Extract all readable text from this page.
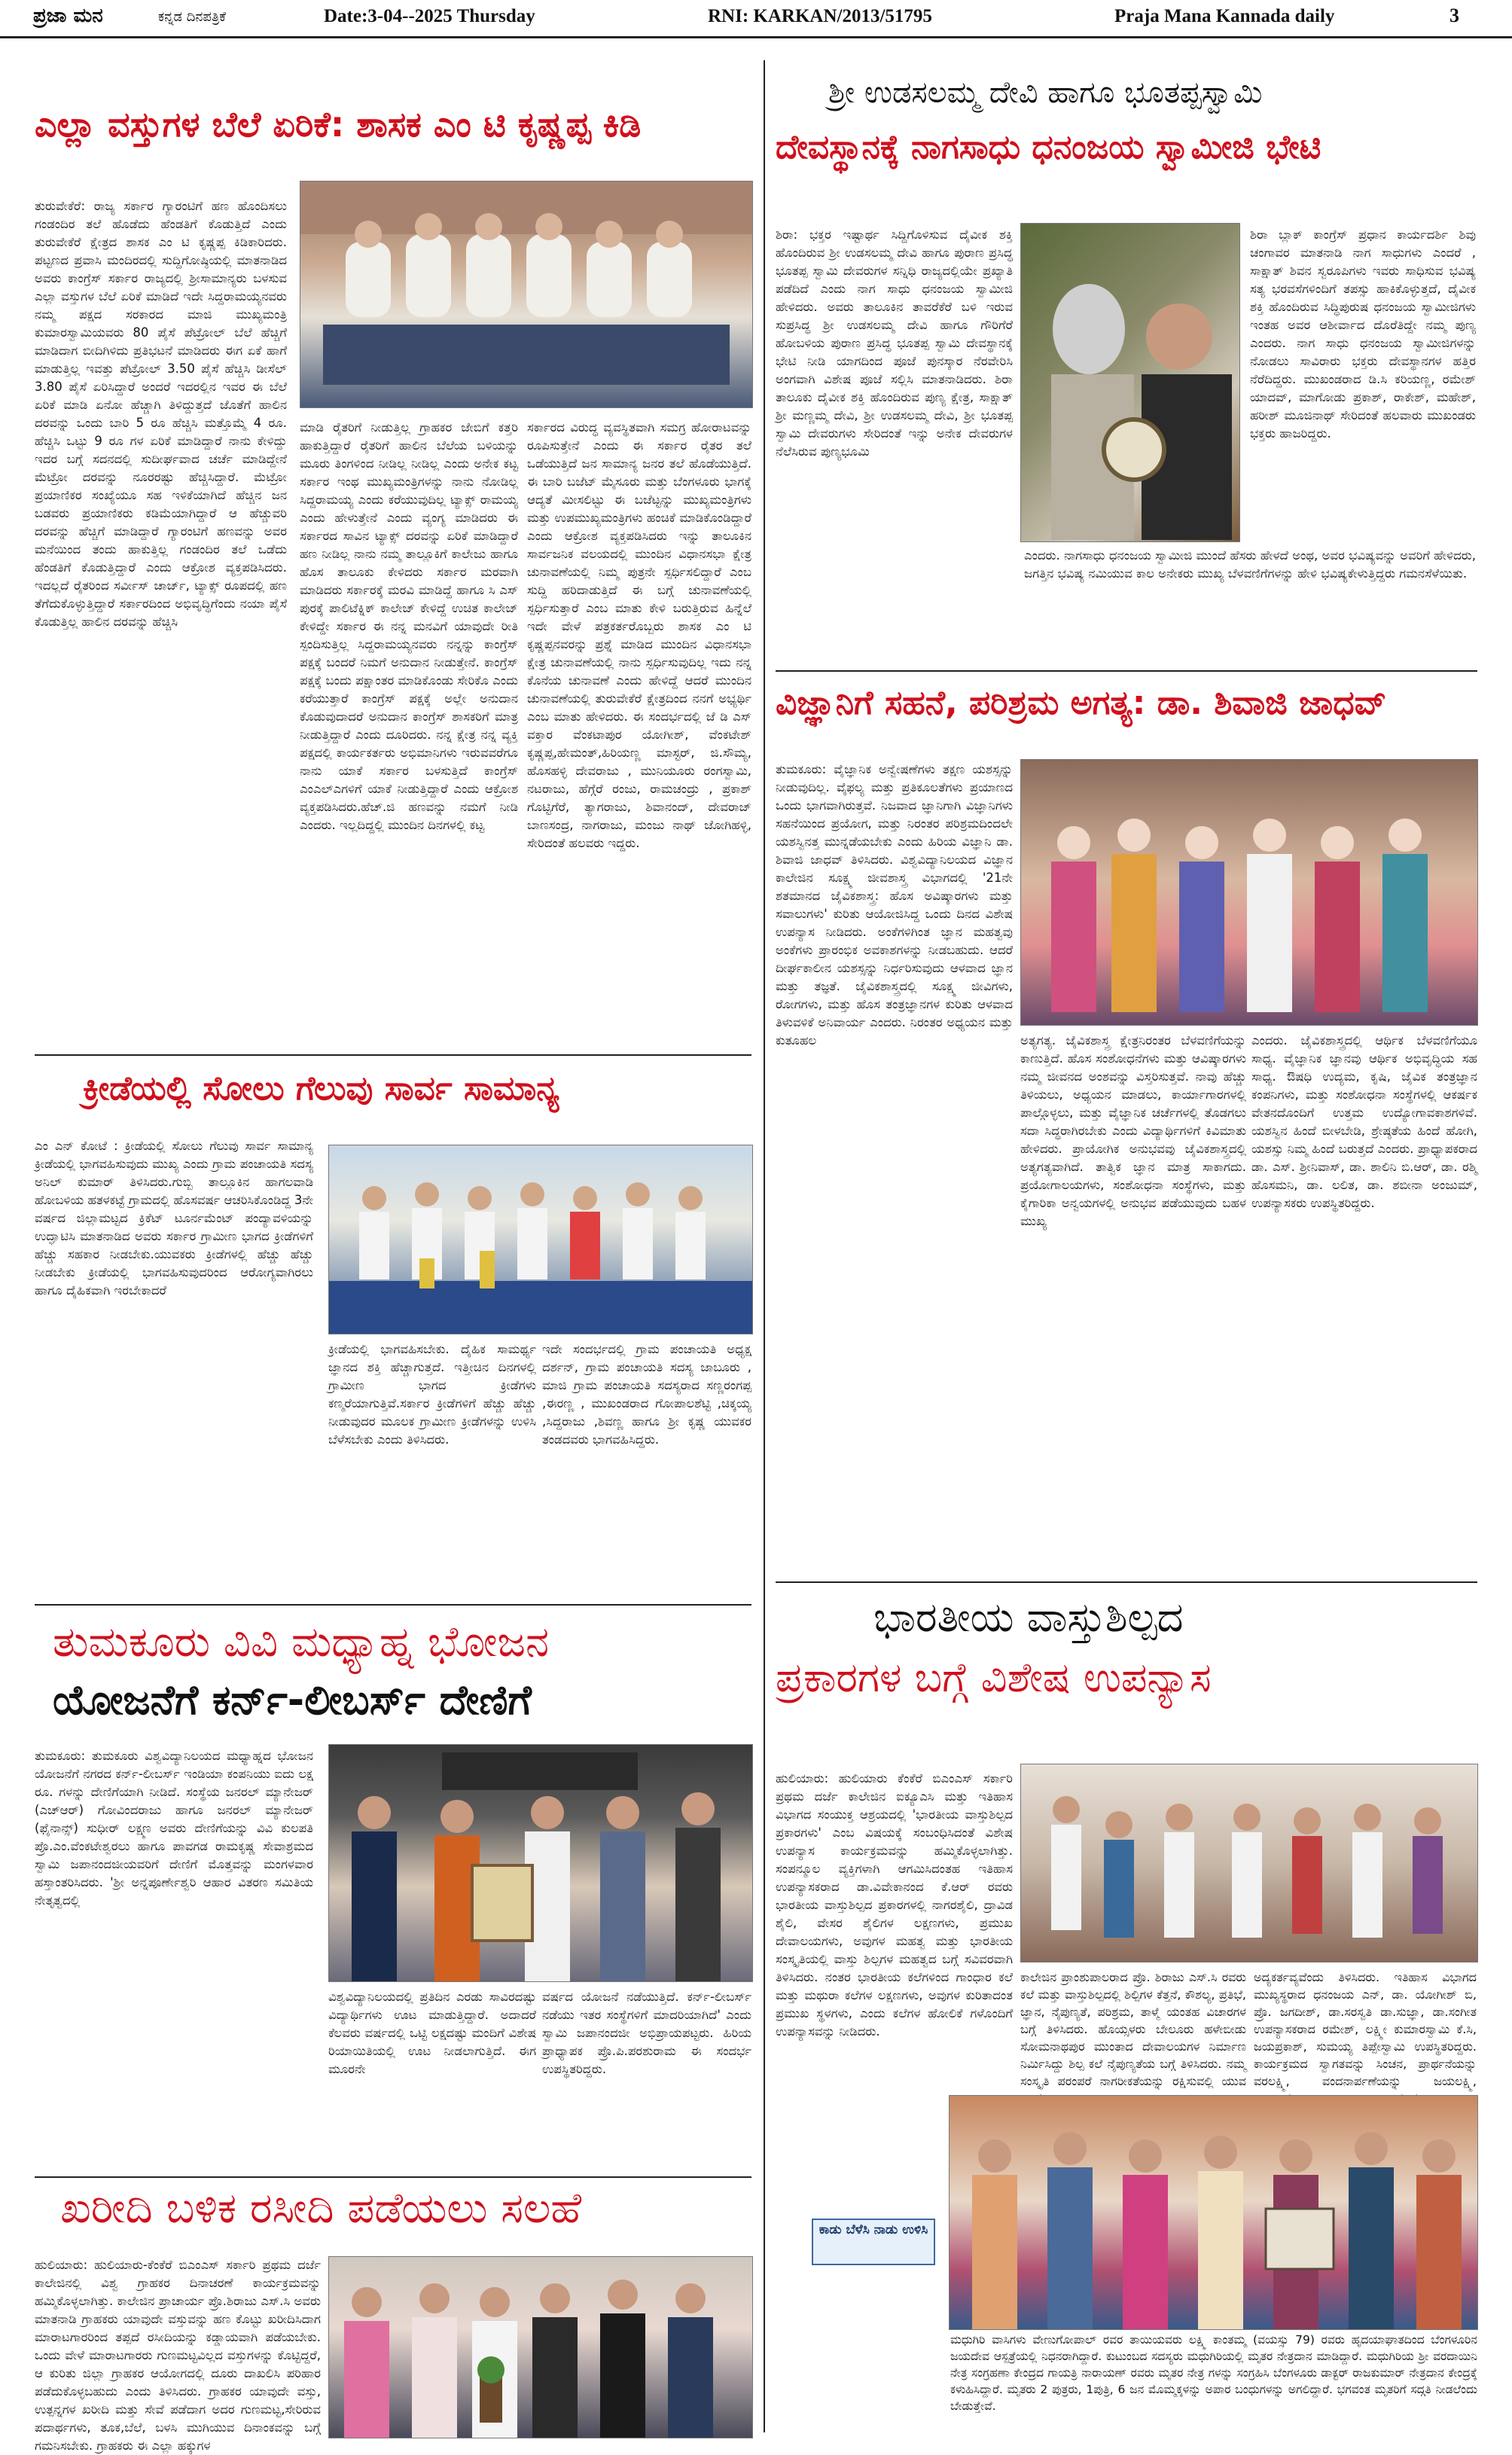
ಪ್ರಜಾ ಮನ	ಕನ್ನಡ ದಿನಪತ್ರಿಕೆ	Date:3-04--2025 Thursday	RNI: KARKAN/2013/51795	Praja Mana Kannada daily	3
ಎಲ್ಲಾ ವಸ್ತುಗಳ ಬೆಲೆ ಏರಿಕೆ: ಶಾಸಕ ಎಂ ಟಿ ಕೃಷ್ಣಪ್ಪ ಕಿಡಿ
ತುರುವೇಕೆರೆ: ರಾಜ್ಯ ಸರ್ಕಾರ ಗ್ಯಾರಂಟಿಗೆ ಹಣ ಹೊಂದಿಸಲು ಗಂಡಂದಿರ ತಲೆ ಹೊಡೆದು ಹೆಂಡತಿಗೆ ಕೊಡುತ್ತಿದೆ ಎಂದು ತುರುವೇಕೆರೆ ಕ್ಷೇತ್ರದ ಶಾಸಕ ಎಂ ಟಿ ಕೃಷ್ಣಪ್ಪ ಕಿಡಿಕಾರಿದರು. ಪಟ್ಟಣದ ಪ್ರವಾಸಿ ಮಂದಿರದಲ್ಲಿ ಸುದ್ದಿಗೋಷ್ಠಿಯಲ್ಲಿ ಮಾತನಾಡಿದ ಅವರು ಕಾಂಗ್ರೆಸ್ ಸರ್ಕಾರ ರಾಜ್ಯದಲ್ಲಿ ಶ್ರೀಸಾಮಾನ್ಯರು ಬಳಸುವ ಎಲ್ಲಾ ವಸ್ತುಗಳ ಬೆಲೆ ಏರಿಕೆ ಮಾಡಿದೆ ಇದೇ ಸಿದ್ದರಾಮಯ್ಯನವರು ನಮ್ಮ ಪಕ್ಷದ ಸರಕಾರದ ಮಾಜಿ ಮುಖ್ಯಮಂತ್ರಿ ಕುಮಾರಸ್ವಾಮಿಯವರು 80 ಪೈಸೆ ಪೆಟ್ರೋಲ್ ಬೆಲೆ ಹೆಚ್ಚಿಗೆ ಮಾಡಿದಾಗ ಬೀದಿಗಿಳಿದು ಪ್ರತಿಭಟನೆ ಮಾಡಿದರು ಈಗ ಏಕೆ ಹಾಗೆ ಮಾಡುತ್ತಿಲ್ಲ ಇವತ್ತು ಪೆಟ್ರೋಲ್ 3.50 ಪೈಸೆ ಹೆಚ್ಚಿಸಿ ಡೀಸೆಲ್ 3.80 ಪೈಸೆ ಏರಿಸಿದ್ದಾರೆ ಅಂದರೆ ಇದರಲ್ಲಿನ ಇವರ ಈ ಬೆಲೆ ಏರಿಕೆ ಮಾಡಿ ಏನೋ ಹೆಚ್ಚಾಗಿ ತಿಳಿದ್ದುತ್ತದೆ ಜೊತೆಗೆ ಹಾಲಿನ ದರವನ್ನು ಒಂದು ಬಾರಿ 5 ರೂ ಹೆಚ್ಚಿಸಿ ಮತ್ತೊಮ್ಮೆ 4 ರೂ. ಹೆಚ್ಚಿಸಿ ಒಟ್ಟು 9 ರೂ ಗಳ ಏರಿಕೆ ಮಾಡಿದ್ದಾರೆ ನಾನು ಕೇಳಿದ್ದು ಇದರ ಬಗ್ಗೆ ಸದನದಲ್ಲಿ ಸುದೀರ್ಘವಾದ ಚರ್ಚೆ ಮಾಡಿದ್ದೇನೆ ಮೆಟ್ರೋ ದರವನ್ನು ನೂರರಷ್ಟು ಹೆಚ್ಚಿಸಿದ್ದಾರೆ. ಮೆಟ್ರೋ ಪ್ರಯಾಣಿಕರ ಸಂಖ್ಯೆಯೂ ಸಹ ಇಳಿಕೆಯಾಗಿದೆ ಹೆಚ್ಚಿನ ಜನ ಬಡವರು ಪ್ರಯಾಣಿಕರು ಕಡಿಮೆಯಾಗಿದ್ದಾರೆ ಆ ಹೆಚ್ಚುವರಿ ದರವನ್ನು ಹೆಚ್ಚಿಗೆ ಮಾಡಿದ್ದಾರೆ ಗ್ಯಾರಂಟಿಗೆ ಹಣವನ್ನು ಅವರ ಮನೆಯಿಂದ ತಂದು ಹಾಕುತ್ತಿಲ್ಲ ಗಂಡಂದಿರ ತಲೆ ಒಡೆದು ಹೆಂಡತಿಗೆ ಕೊಡುತ್ತಿದ್ದಾರೆ ಎಂದು ಆಕ್ರೋಶ ವ್ಯಕ್ತಪಡಿಸಿದರು. ಇದಲ್ಲದೆ ರೈತರಿಂದ ಸರ್ವೀಸ್ ಚಾರ್ಜ್, ಟ್ಯಾಕ್ಸ್ ರೂಪದಲ್ಲಿ ಹಣ ತೆಗೆದುಕೊಳ್ಳುತ್ತಿದ್ದಾರೆ ಸರ್ಕಾರದಿಂದ ಅಭಿವೃದ್ಧಿಗೆಂದು ನಯಾ ಪೈಸೆ ಕೊಡುತ್ತಿಲ್ಲ ಹಾಲಿನ ದರವನ್ನು ಹೆಚ್ಚಿಸಿ
ಮಾಡಿ ರೈತರಿಗೆ ನೀಡುತ್ತಿಲ್ಲ ಗ್ರಾಹಕರ ಜೇಬಿಗೆ ಕತ್ತರಿ ಹಾಕುತ್ತಿದ್ದಾರೆ ರೈತರಿಗೆ ಹಾಲಿನ ಬೆಲೆಯ ಬಳಿಯನ್ನು ಮೂರು ತಿಂಗಳಿಂದ ನೀಡಿಲ್ಲ ನೀಡಿಲ್ಲ ಎಂದು ಅನೇಕ ಕಟ್ಟ ಸರ್ಕಾರ ಇಂಥ ಮುಖ್ಯಮಂತ್ರಿಗಳನ್ನು ನಾನು ನೋಡಿಲ್ಲ ಸಿದ್ದರಾಮಯ್ಯ ಎಂದು ಕರೆಯುವುದಿಲ್ಲ ಟ್ಯಾಕ್ಸ್ ರಾಮಯ್ಯ ಎಂದು ಹೇಳುತ್ತೇನೆ ಎಂದು ವ್ಯಂಗ್ಯ ಮಾಡಿದರು ಈ ಸರ್ಕಾರದ ಸಾವಿನ ಟ್ಯಾಕ್ಸ್ ದರವನ್ನು ಏರಿಕೆ ಮಾಡಿದ್ದಾರೆ ಹಣ ನೀಡಿಲ್ಲ ನಾನು ನಮ್ಮ ತಾಲ್ಲೂಕಿಗೆ ಕಾಲೇಜು ಹಾಗೂ ಹೊಸ ತಾಲೂಕು ಕೇಳಿದರು ಸರ್ಕಾರ ಮರವಾಗಿ ಮಾಡಿದರು ಸರ್ಕಾರಕ್ಕೆ ಮರವಿ ಮಾಡಿದ್ದೆ ಹಾಗೂ ಸಿ ಎಸ್ ಪುರಕ್ಕೆ ಪಾಲಿಟೆಕ್ನಿಕ್ ಕಾಲೇಜ್ ಕೇಳಿದ್ದೆ ಉಚಿತ ಕಾಲೇಜ್ ಕೇಳಿದ್ದೇ ಸರ್ಕಾರ ಈ ನನ್ನ ಮನವಿಗೆ ಯಾವುದೇ ರೀತಿ ಸ್ಪಂದಿಸುತ್ತಿಲ್ಲ ಸಿದ್ದರಾಮಯ್ಯನವರು ನನ್ನನ್ನು ಕಾಂಗ್ರೆಸ್ ಪಕ್ಷಕ್ಕೆ ಬಂದರೆ ನಿಮಗೆ ಅನುದಾನ ನೀಡುತ್ತೇನೆ. ಕಾಂಗ್ರೆಸ್ ಪಕ್ಷಕ್ಕೆ ಬಂದು ಪಕ್ಷಾಂತರ ಮಾಡಿಕೊಂಡು ಸೇರಿಕೊ ಎಂದು ಕರೆಯುತ್ತಾರೆ ಕಾಂಗ್ರೆಸ್ ಪಕ್ಷಕ್ಕೆ ಅಲ್ಲೇ ಅನುದಾನ ಕೊಡುವುದಾದರೆ ಅನುದಾನ ಕಾಂಗ್ರೆಸ್ ಶಾಸಕರಿಗೆ ಮಾತ್ರ ನೀಡುತ್ತಿದ್ದಾರೆ ಎಂದು ದೂರಿದರು. ನನ್ನ ಕ್ಷೇತ್ರ ನನ್ನ ವ್ಯಕ್ತಿ ಪಕ್ಷದಲ್ಲಿ ಕಾರ್ಯಕರ್ತರು ಅಭಿಮಾನಿಗಳು ಇರುವವರೆಗೂ ನಾನು ಯಾಕೆ ಸರ್ಕಾರ ಬಳಸುತ್ತಿದೆ ಕಾಂಗ್ರೆಸ್ ಎಂಎಲ್‌ಎಗಳಿಗೆ ಯಾಕೆ ನೀಡುತ್ತಿದ್ದಾರೆ ಎಂದು ಆಕ್ರೋಶ ವ್ಯಕ್ತಪಡಿಸಿದರು.ಹೆಚ್.ಜಿ ಹಣವನ್ನು ನಮಗೆ ನೀಡಿ ಎಂದರು. ಇಲ್ಲದಿದ್ದಲ್ಲಿ ಮುಂದಿನ ದಿನಗಳಲ್ಲಿ ಕಟ್ಟ
ಸರ್ಕಾರದ ವಿರುದ್ಧ ವ್ಯವಸ್ಥಿತವಾಗಿ ಸಮಗ್ರ ಹೋರಾಟವನ್ನು ರೂಪಿಸುತ್ತೇನೆ ಎಂದು ಈ ಸರ್ಕಾರ ರೈತರ ತಲೆ ಒಡೆಯುತ್ತಿದೆ ಜನ ಸಾಮಾನ್ಯ ಜನರ ತಲೆ ಹೊಡೆಯುತ್ತಿದೆ. ಈ ಬಾರಿ ಬಜೆಟ್ ಮೈಸೂರು ಮತ್ತು ಬೆಂಗಳೂರು ಭಾಗಕ್ಕೆ ಆದ್ಯತೆ ಮೀಸಲಿಟ್ಟು ಈ ಬಜೆಟ್ಟನ್ನು ಮುಖ್ಯಮಂತ್ರಿಗಳು ಮತ್ತು ಉಪಮುಖ್ಯಮಂತ್ರಿಗಳು ಹಂಚಿಕೆ ಮಾಡಿಕೊಂಡಿದ್ದಾರೆ ಎಂದು ಆಕ್ರೋಶ ವ್ಯಕ್ತಪಡಿಸಿದರು ಇನ್ನು ತಾಲೂಕಿನ ಸಾರ್ವಜನಿಕ ವಲಯದಲ್ಲಿ ಮುಂದಿನ ವಿಧಾನಸಭಾ ಕ್ಷೇತ್ರ ಚುನಾವಣೆಯಲ್ಲಿ ನಿಮ್ಮ ಪುತ್ರನೇ ಸ್ಪರ್ಧಿಸಲಿದ್ದಾರೆ ಎಂಬ ಸುದ್ದಿ ಹರಿದಾಡುತ್ತಿದೆ ಈ ಬಗ್ಗೆ ಚುನಾವಣೆಯಲ್ಲಿ ಸ್ಪರ್ಧಿಸುತ್ತಾರೆ ಎಂಬ ಮಾತು ಕೇಳಿ ಬರುತ್ತಿರುವ ಹಿನ್ನೆಲೆ ಇದೇ ವೇಳೆ ಪತ್ರಕರ್ತರೊಬ್ಬರು ಶಾಸಕ ಎಂ ಟಿ ಕೃಷ್ಣಪ್ಪನವರನ್ನು ಪ್ರಶ್ನೆ ಮಾಡಿದ ಮುಂದಿನ ವಿಧಾನಸಭಾ ಕ್ಷೇತ್ರ ಚುನಾವಣೆಯಲ್ಲಿ ನಾನು ಸ್ಪರ್ಧಿಸುವುದಿಲ್ಲ ಇದು ನನ್ನ ಕೊನೆಯ ಚುನಾವಣೆ ಎಂದು ಹೇಳಿದ್ದೆ ಆದರೆ ಮುಂದಿನ ಚುನಾವಣೆಯಲ್ಲಿ ತುರುವೇಕೆರೆ ಕ್ಷೇತ್ರದಿಂದ ನನಗೆ ಅಭ್ಯರ್ಥಿ ಎಂಬ ಮಾತು ಹೇಳಿದರು. ಈ ಸಂದರ್ಭದಲ್ಲಿ ಜೆ ಡಿ ಎಸ್ ವಕ್ತಾರ ವೆಂಕಟಾಪುರ ಯೋಗೀಶ್, ವೆಂಕಟೇಶ್ ಕೃಷ್ಣಪ್ಪ,ಹೇಮಂತ್,ಹಿರಿಯಣ್ಣ ಮಾಸ್ಟರ್, ಜಿ.ಸೌಮ್ಯ, ಹೊಸಹಳ್ಳಿ ದೇವರಾಜು , ಮುನಿಯೂರು ರಂಗಸ್ವಾಮಿ, ನಟರಾಜು, ಹೆಗ್ಗೆರೆ ರಂಜು, ರಾಮಚಂದ್ರು , ಪ್ರಕಾಶ್ ಗೊಟ್ಟಿಗೆರೆ, ತ್ಯಾಗರಾಜು, ಶಿವಾನಂದ್, ದೇವರಾಜ್ ಬಾಣಸಂದ್ರ, ನಾಗರಾಜು, ಮಂಜು ನಾಥ್ ಜೋಗಿಹಳ್ಳಿ, ಸೇರಿದಂತೆ ಹಲವರು ಇದ್ದರು.
ಶ್ರೀ ಉಡಸಲಮ್ಮ ದೇವಿ ಹಾಗೂ ಭೂತಪ್ಪಸ್ವಾಮಿ
ದೇವಸ್ಥಾನಕ್ಕೆ ನಾಗಸಾಧು ಧನಂಜಯ ಸ್ವಾಮೀಜಿ ಭೇಟಿ
ಶಿರಾ: ಭಕ್ತರ ಇಷ್ಟಾರ್ಥ ಸಿದ್ದಿಗೊಳಿಸುವ ದೈವೀಕ ಶಕ್ತಿ ಹೊಂದಿರುವ ಶ್ರೀ ಉಡಸಲಮ್ಮ ದೇವಿ ಹಾಗೂ ಪುರಾಣ ಪ್ರಸಿದ್ಧ ಭೂತಪ್ಪ ಸ್ವಾಮಿ ದೇವರುಗಳ ಸನ್ನಿಧಿ ರಾಜ್ಯದಲ್ಲಿಯೇ ಪ್ರಖ್ಯಾತಿ ಪಡೆದಿದೆ ಎಂದು ನಾಗ ಸಾಧು ಧನಂಜಯ ಸ್ವಾಮೀಜಿ ಹೇಳಿದರು. ಅವರು ತಾಲೂಕಿನ ತಾವರೆಕೆರೆ ಬಳಿ ಇರುವ ಸುಪ್ರಸಿದ್ಧ ಶ್ರೀ ಉಡಸಲಮ್ಮ ದೇವಿ ಹಾಗೂ ಗೌರಿಗೆರೆ ಹೋಬಳಿಯ ಪುರಾಣ ಪ್ರಸಿದ್ಧ ಭೂತಪ್ಪ ಸ್ವಾಮಿ ದೇವಸ್ಥಾನಕ್ಕೆ ಭೇಟಿ ನೀಡಿ ಯಾಗದಿಂದ ಪೂಜೆ ಪುನಸ್ಕಾರ ನೆರವೇರಿಸಿ ಅಂಗವಾಗಿ ವಿಶೇಷ ಪೂಜೆ ಸಲ್ಲಿಸಿ ಮಾತನಾಡಿದರು. ಶಿರಾ ತಾಲೂಕು ದೈವೀಕ ಶಕ್ತಿ ಹೊಂದಿರುವ ಪುಣ್ಯ ಕ್ಷೇತ್ರ, ಸಾಕ್ಷಾತ್ ಶ್ರೀ ಮಣ್ಣಮ್ಮ ದೇವಿ, ಶ್ರೀ ಉಡಸಲಮ್ಮ ದೇವಿ, ಶ್ರೀ ಭೂತಪ್ಪ ಸ್ವಾಮಿ ದೇವರುಗಳು ಸೇರಿದಂತೆ ಇನ್ನು ಅನೇಕ ದೇವರುಗಳ ನೆಲೆಸಿರುವ ಪುಣ್ಯಭೂಮಿ
ಶಿರಾ ಬ್ಲಾಕ್ ಕಾಂಗ್ರೆಸ್ ಪ್ರಧಾನ ಕಾರ್ಯದರ್ಶಿ ಶಿವು ಚಂಗಾವರ ಮಾತನಾಡಿ ನಾಗ ಸಾಧುಗಳು ಎಂದರೆ , ಸಾಕ್ಷಾತ್ ಶಿವನ ಸ್ವರೂಪಿಗಳು ಇವರು ಸಾಧಿಸುವ ಭವಿಷ್ಯ ಸತ್ಯ ಭರವಸೆಗಳಿಂದಿಗೆ ತಪಸ್ಸು ಹಾಕಿಕೊಳ್ಳುತ್ತದೆ, ದೈವೀಕ ಶಕ್ತಿ ಹೊಂದಿರುವ ಸಿದ್ಧಿಪುರುಷ ಧನಂಜಯ ಸ್ವಾಮೀಜಿಗಳು ಇಂತಹ ಅವರ ಆಶೀರ್ವಾದ ದೊರೆತಿದ್ದೇ ನಮ್ಮ ಪುಣ್ಯ ಎಂದರು. ನಾಗ ಸಾಧು ಧನಂಜಯ ಸ್ವಾಮೀಜಿಗಳನ್ನು ನೋಡಲು ಸಾವಿರಾರು ಭಕ್ತರು ದೇವಸ್ಥಾನಗಳ ಹತ್ತಿರ ನೆರೆದಿದ್ದರು. ಮುಖಂಡರಾದ ಡಿ.ಸಿ ಕರಿಯಣ್ಣ, ರಮೇಶ್ ಯಾದವ್, ಮಾಗೋಡು ಪ್ರಕಾಶ್, ರಾಕೇಶ್, ಮಹೇಶ್, ಹರೀಶ್ ಮೂಜಿನಾಥ್ ಸೇರಿದಂತೆ ಹಲವಾರು ಮುಖಂಡರು ಭಕ್ತರು ಹಾಜರಿದ್ದರು.
ಎಂದರು. ನಾಗಸಾಧು ಧನಂಜಯ ಸ್ವಾಮೀಜಿ ಮುಂದೆ ಹೆಸರು ಹೇಳದೆ ಅಂಥ, ಅವರ ಭವಿಷ್ಯವನ್ನು ಅವರಿಗೆ ಹೇಳಿದರು, ಜಗತ್ತಿನ ಭವಿಷ್ಯ ನಮಿಯುವ ಕಾಲ ಅನೇಕರು ಮುಖ್ಯ ಬೆಳವಣಿಗೆಗಳನ್ನು ಹೇಳಿ ಭವಿಷ್ಯಕೇಳುತ್ತಿದ್ದರು ಗಮನಸೆಳೆಯಿತು.
ವಿಜ್ಞಾನಿಗೆ ಸಹನೆ, ಪರಿಶ್ರಮ ಅಗತ್ಯ: ಡಾ. ಶಿವಾಜಿ ಜಾಧವ್
ತುಮಕೂರು: ವೈಜ್ಞಾನಿಕ ಅನ್ವೇಷಣೆಗಳು ತಕ್ಷಣ ಯಶಸ್ಸನ್ನು ನೀಡುವುದಿಲ್ಲ. ವೈಫಲ್ಯ ಮತ್ತು ಪ್ರತಿಕೂಲತೆಗಳು ಪ್ರಯಾಣದ ಒಂದು ಭಾಗವಾಗಿರುತ್ತವೆ. ನಿಜವಾದ ಜ್ಞಾನಿಗಾಗಿ ವಿಜ್ಞಾನಿಗಳು ಸಹನೆಯಿಂದ ಪ್ರಯೋಗ, ಮತ್ತು ನಿರಂತರ ಪರಿಶ್ರಮದಿಂದಲೇ ಯಶಸ್ವಿನತ್ತ ಮುನ್ನಡೆಯಬೇಕು ಎಂದು ಹಿರಿಯ ವಿಜ್ಞಾನಿ ಡಾ. ಶಿವಾಜಿ ಜಾಧವ್ ತಿಳಿಸಿದರು. ವಿಶ್ವವಿದ್ಯಾನಿಲಯದ ವಿಜ್ಞಾನ ಕಾಲೇಜಿನ ಸೂಕ್ಷ್ಮ ಜೀವಶಾಸ್ತ್ರ ವಿಭಾಗದಲ್ಲಿ '21ನೇ ಶತಮಾನದ ಜೈವಿಕಶಾಸ್ತ್ರ: ಹೊಸ ಅವಿಷ್ಕಾರಗಳು ಮತ್ತು ಸವಾಲುಗಳು' ಕುರಿತು ಆಯೋಜಿಸಿದ್ದ ಒಂದು ದಿನದ ವಿಶೇಷ ಉಪನ್ಯಾಸ ನೀಡಿದರು. ಅಂಕೆಗಳಿಗಿಂತ ಜ್ಞಾನ ಮಹತ್ವವು ಅಂಕೆಗಳು ಪ್ರಾರಂಭಿಕ ಅವಕಾಶಗಳನ್ನು ನೀಡಬಹುದು. ಆದರೆ ದೀರ್ಘಕಾಲೀನ ಯಶಸ್ಸನ್ನು ನಿರ್ಧರಿಸುವುದು ಆಳವಾದ ಜ್ಞಾನ ಮತ್ತು ತಜ್ಞತೆ. ಜೈವಿಕಶಾಸ್ತ್ರದಲ್ಲಿ ಸೂಕ್ಷ್ಮ ಜೀವಿಗಳು, ರೋಗಗಳು, ಮತ್ತು ಹೊಸ ತಂತ್ರಜ್ಞಾನಗಳ ಕುರಿತು ಆಳವಾದ ತಿಳುವಳಿಕೆ ಅನಿವಾರ್ಯ ಎಂದರು. ನಿರಂತರ ಅಧ್ಯಯನ ಮತ್ತು ಕುತೂಹಲ	ಅತ್ಯಗತ್ಯ. ಜೈವಿಕಶಾಸ್ತ್ರ ಕ್ಷೇತ್ರನಿರಂತರ ಬೆಳವಣಿಗೆಯನ್ನು ಕಾಣುತ್ತಿದೆ. ಹೊಸ ಸಂಶೋಧನೆಗಳು ಮತ್ತು ಆವಿಷ್ಕಾರಗಳು ನಮ್ಮ ಜೀವನದ ಅಂಶವನ್ನು ವಿಸ್ತರಿಸುತ್ತವೆ. ನಾವು ಹೆಚ್ಚು ತಿಳಿಯಲು, ಅಧ್ಯಯನ ಮಾಡಲು, ಕಾರ್ಯಾಗಾರಗಳಲ್ಲಿ ಪಾಲ್ಗೊಳ್ಳಲು, ಮತ್ತು ವೈಜ್ಞಾನಿಕ ಚರ್ಚೆಗಳಲ್ಲಿ ತೊಡಗಲು ಸದಾ ಸಿದ್ಧರಾಗಿರಬೇಕು ಎಂದು ವಿದ್ಯಾರ್ಥಿಗಳಿಗೆ ಕಿವಿಮಾತು ಹೇಳಿದರು. ಪ್ರಾಯೋಗಿಕ ಅನುಭವವು ಜೈವಿಕಶಾಸ್ತ್ರದಲ್ಲಿ ಅತ್ಯಗತ್ಯವಾಗಿದೆ. ತಾತ್ವಿಕ ಜ್ಞಾನ ಮಾತ್ರ ಸಾಕಾಗದು. ಪ್ರಯೋಗಾಲಯಗಳು, ಸಂಶೋಧನಾ ಸಂಸ್ಥೆಗಳು, ಮತ್ತು ಕೈಗಾರಿಕಾ ಅನ್ವಯಗಳಲ್ಲಿ ಅನುಭವ ಪಡೆಯುವುದು ಬಹಳ ಮುಖ್ಯ
ಎಂದರು. ಜೈವಿಕಶಾಸ್ತ್ರದಲ್ಲಿ ಆರ್ಥಿಕ ಬೆಳವಣಿಗೆಯೂ ಸಾಧ್ಯ. ವೈಜ್ಞಾನಿಕ ಜ್ಞಾನವು ಆರ್ಥಿಕ ಅಭಿವೃದ್ಧಿಯ ಸಹ ಸಾಧ್ಯ. ಔಷಧಿ ಉದ್ಯಮ, ಕೃಷಿ, ಜೈವಿಕ ತಂತ್ರಜ್ಞಾನ ಕಂಪನಿಗಳು, ಮತ್ತು ಸಂಶೋಧನಾ ಸಂಸ್ಥೆಗಳಲ್ಲಿ ಆಕರ್ಷಕ ವೇತನದೊಂದಿಗೆ ಉತ್ತಮ ಉದ್ಯೋಗಾವಕಾಶಗಳಿವೆ. ಯಶಸ್ವಿನ ಹಿಂದೆ ಬೀಳಬೇಡಿ, ಶ್ರೇಷ್ಠತೆಯ ಹಿಂದೆ ಹೋಗಿ, ಯಶಸ್ಸು ನಿಮ್ಮ ಹಿಂದೆ ಬರುತ್ತದೆ ಎಂದರು. ಪ್ರಾಧ್ಯಾಪಕರಾದ ಡಾ. ಎಸ್. ಶ್ರೀನಿವಾಸ್, ಡಾ. ಶಾಲಿನಿ ಬಿ.ಆರ್, ಡಾ. ರಶ್ಮಿ ಹೊಸಮನಿ, ಡಾ. ಲಲಿತ, ಡಾ. ಶಬೀನಾ ಅಂಜುಮ್, ಉಪನ್ಯಾಸಕರು ಉಪಸ್ಥಿತರಿದ್ದರು.
ಕ್ರೀಡೆಯಲ್ಲಿ ಸೋಲು ಗೆಲುವು ಸಾರ್ವ ಸಾಮಾನ್ಯ
ಎಂ ಎನ್ ಕೋಟೆ : ಕ್ರೀಡೆಯಲ್ಲಿ ಸೋಲು ಗೆಲುವು ಸಾರ್ವ ಸಾಮಾನ್ಯ ಕ್ರೀಡೆಯಲ್ಲಿ ಭಾಗವಹಿಸುವುದು ಮುಖ್ಯ ಎಂದು ಗ್ರಾಮ ಪಂಚಾಯತಿ ಸದಸ್ಯ ಅನಿಲ್ ಕುಮಾರ್ ತಿಳಿಸಿದರು.ಗುಬ್ಬಿ ತಾಲ್ಲೂಕಿನ ಹಾಗಲವಾಡಿ ಹೋಬಳಿಯ ಹತಳಕಟ್ಟೆ ಗ್ರಾಮದಲ್ಲಿ ಹೊಸವರ್ಷ ಆಚರಿಸಿಕೊಂಡಿದ್ದ 3ನೇ ವರ್ಷದ ಜಿಲ್ಲಾಮಟ್ಟದ ಕ್ರಿಕೆಟ್ ಟೂರ್ನಮೆಂಟ್ ಪಂದ್ಯಾವಳಿಯನ್ನು ಉದ್ಘಾಟಿಸಿ ಮಾತನಾಡಿದ ಅವರು ಸರ್ಕಾರ ಗ್ರಾಮೀಣ ಭಾಗದ ಕ್ರೀಡೆಗಳಿಗೆ ಹೆಚ್ಚು ಸಹಕಾರ ನೀಡಬೇಕು.ಯುವಕರು ಕ್ರೀಡೆಗಳಲ್ಲಿ ಹೆಚ್ಚು ಹೆಚ್ಚು ನೀಡಬೇಕು ಕ್ರೀಡೆಯಲ್ಲಿ ಭಾಗವಹಿಸುವುದರಿಂದ ಆರೋಗ್ಯವಾಗಿರಲು ಹಾಗೂ ದೈಹಿಕವಾಗಿ ಇರಬೇಕಾದರೆ
ಕ್ರೀಡೆಯಲ್ಲಿ ಭಾಗವಹಿಸಬೇಕು. ದೈಹಿಕ ಸಾಮರ್ಥ್ಯ ಜ್ಞಾನದ ಶಕ್ತಿ ಹೆಚ್ಚಾಗುತ್ತದೆ. ಇತ್ತೀಚಿನ ದಿನಗಳಲ್ಲಿ ಗ್ರಾಮೀಣ ಭಾಗದ ಕ್ರೀಡೆಗಳು ಕಣ್ಮರೆಯಾಗುತ್ತಿವೆ.ಸರ್ಕಾರ ಕ್ರೀಡೆಗಳಿಗೆ ಹೆಚ್ಚು ಹೆಚ್ಚು ನೀಡುವುದರ ಮೂಲಕ ಗ್ರಾಮೀಣ ಕ್ರೀಡೆಗಳನ್ನು ಉಳಿಸಿ ಬೆಳೆಸಬೇಕು ಎಂದು ತಿಳಿಸಿದರು.
ಇದೇ ಸಂದರ್ಭದಲ್ಲಿ ಗ್ರಾಮ ಪಂಚಾಯತಿ ಅಧ್ಯಕ್ಷ ದರ್ಶನ್, ಗ್ರಾಮ ಪಂಚಾಯತಿ ಸದಸ್ಯ ಜಾಬೂರು , ಮಾಜಿ ಗ್ರಾಮ ಪಂಚಾಯತಿ ಸದಸ್ಯರಾದ ಸಣ್ಣರಂಗಪ್ಪ ,ಈರಣ್ಣ , ಮುಖಂಡರಾದ ಗೋಪಾಲಶೆಟ್ಟಿ ,ಚಿಕ್ಕಯ್ಯ ,ಸಿದ್ದರಾಜು ,ಶಿವಣ್ಣ ಹಾಗೂ ಶ್ರೀ ಕೃಷ್ಣ ಯುವಕರ ತಂಡದವರು ಭಾಗವಹಿಸಿದ್ದರು.
ಭಾರತೀಯ ವಾಸ್ತುಶಿಲ್ಪದ
ಪ್ರಕಾರಗಳ ಬಗ್ಗೆ ವಿಶೇಷ ಉಪನ್ಯಾಸ
ಹುಲಿಯಾರು: ಹುಲಿಯಾರು ಕೆಂಕೆರೆ ಬಿಎಂಎಸ್ ಸರ್ಕಾರಿ ಪ್ರಥಮ ದರ್ಜೆ ಕಾಲೇಜಿನ ಐಕ್ಯೂಎಸಿ ಮತ್ತು ಇತಿಹಾಸ ವಿಭಾಗದ ಸಂಯುಕ್ತ ಆಶ್ರಯದಲ್ಲಿ 'ಭಾರತೀಯ ವಾಸ್ತುಶಿಲ್ಪದ ಪ್ರಕಾರಗಳು' ಎಂಬ ವಿಷಯಕ್ಕೆ ಸಂಬಂಧಿಸಿದಂತೆ ವಿಶೇಷ ಉಪನ್ಯಾಸ ಕಾರ್ಯಕ್ರಮವನ್ನು ಹಮ್ಮಿಕೊಳ್ಳಲಾಗಿತ್ತು. ಸಂಪನ್ಮೂಲ ವ್ಯಕ್ತಿಗಳಾಗಿ ಆಗಮಿಸಿದಂತಹ ಇತಿಹಾಸ ಉಪನ್ಯಾಸಕರಾದ ಡಾ.ವಿವೇಕಾನಂದ ಕೆ.ಆರ್ ರವರು ಭಾರತೀಯ ವಾಸ್ತುಶಿಲ್ಪದ ಪ್ರಕಾರಗಳಲ್ಲಿ ನಾಗರಶೈಲಿ, ದ್ರಾವಿಡ ಶೈಲಿ, ವೇಸರ ಶೈಲಿಗಳ ಲಕ್ಷಣಗಳು, ಪ್ರಮುಖ ದೇವಾಲಯಗಳು, ಅವುಗಳ ಮಹತ್ವ ಮತ್ತು ಭಾರತೀಯ ಸಂಸ್ಕೃತಿಯಲ್ಲಿ ವಾಸ್ತು ಶಿಲ್ಪಗಳ ಮಹತ್ವದ ಬಗ್ಗೆ ಸವಿವರವಾಗಿ ತಿಳಿಸಿದರು. ನಂತರ ಭಾರತೀಯ ಕಲೆಗಳಿಂದ ಗಾಂಧಾರ ಕಲೆ ಮತ್ತು ಮಥುರಾ ಕಲೆಗಳ ಲಕ್ಷಣಗಳು, ಅವುಗಳ ಕುರಿತಾದಂತ ಪ್ರಮುಖ ಸ್ಥಳಗಳು, ಎಂದು ಕಲೆಗಳ ಹೋಲಿಕೆ ಗಳೊಂದಿಗೆ ಉಪನ್ಯಾಸವನ್ನು ನೀಡಿದರು.
ಕಾಲೇಜಿನ ಪ್ರಾಂಶುಪಾಲರಾದ ಪ್ರೊ. ಶಿರಾಜು ಎಸ್.ಸಿ ರವರು ಕಲೆ ಮತ್ತು ವಾಸ್ತುಶಿಲ್ಪದಲ್ಲಿ ಶಿಲ್ಪಿಗಳ ಕೆತ್ತನೆ, ಕೌಶಲ್ಯ, ಪ್ರತಿಭೆ, ಜ್ಞಾನ, ನೈಪುಣ್ಯತೆ, ಪರಿಶ್ರಮ, ತಾಳ್ಮೆ ಯಂತಹ ವಿಚಾರಗಳ ಬಗ್ಗೆ ತಿಳಿಸಿದರು. ಹೊಯ್ಸಳರು ಬೇಲೂರು ಹಳೇಬೀಡು ಸೋಮನಾಥಪುರ ಮುಂತಾದ ದೇವಾಲಯಗಳ ನಿರ್ಮಾಣ ನಿರ್ಮಿಸಿದ್ದು ಶಿಲ್ಪ ಕಲೆ ನೈಪುಣ್ಯತೆಯ ಬಗ್ಗೆ ತಿಳಿಸಿದರು. ನಮ್ಮ ಸಂಸ್ಕೃತಿ ಪರಂಪರೆ ನಾಗರೀಕತೆಯನ್ನು ರಕ್ಷಿಸುವಲ್ಲಿ ಯುವ
ಅದ್ಯಕರ್ತವ್ಯವೆಂದು ತಿಳಿಸಿದರು. ಇತಿಹಾಸ ವಿಭಾಗದ ಮುಖ್ಯಸ್ಥರಾದ ಧನಂಜಯ ಎನ್, ಡಾ. ಯೋಗೀಶ್ ಬಿ, ಪ್ರೊ. ಜಗದೀಶ್, ಡಾ.ಸರಸ್ವತಿ ಡಾ.ಸುಜ್ಞಾ, ಡಾ.ಸಂಗೀತ ಉಪನ್ಯಾಸಕರಾದ ರಮೇಶ್, ಲಕ್ಷ್ಮೀ ಕುಮಾರಸ್ವಾಮಿ ಕೆ.ಸಿ, ಜಯಪ್ರಕಾಶ್, ಸುಮಯ್ಯ ತಿಪ್ಪೇಸ್ವಾಮಿ ಉಪಸ್ಥಿತರಿದ್ದರು. ಕಾರ್ಯಕ್ರಮದ ಸ್ವಾಗತವನ್ನು ಸಿಂಚನ, ಪ್ರಾರ್ಥನೆಯನ್ನು ವರಲಕ್ಷ್ಮಿ, ವಂದನಾರ್ಪಣೆಯನ್ನು ಜಯಲಕ್ಷ್ಮಿ,
ಕಾಡು ಬೆಳೆಸಿ ನಾಡು ಉಳಿಸಿ
ತುಮಕೂರು ವಿವಿ ಮಧ್ಯಾಹ್ನ ಭೋಜನ
ಯೋಜನೆಗೆ ಕರ್ನ್-ಲೀಬರ್ಸ್ ದೇಣಿಗೆ
ತುಮಕೂರು: ತುಮಕೂರು ವಿಶ್ವವಿದ್ಯಾನಿಲಯದ ಮಧ್ಯಾಹ್ನದ ಭೋಜನ ಯೋಜನೆಗೆ ನಗರದ ಕರ್ನ್-ಲೀಬರ್ಸ್ ಇಂಡಿಯಾ ಕಂಪನಿಯು ಐದು ಲಕ್ಷ ರೂ. ಗಳನ್ನು ದೇಣಿಗೆಯಾಗಿ ನೀಡಿದೆ. ಸಂಸ್ಥೆಯ ಜನರಲ್ ಮ್ಯಾನೇಜರ್ (ಎಚ್‌ಆರ್) ಗೋವಿಂದರಾಜು ಹಾಗೂ ಜನರಲ್ ಮ್ಯಾನೇಜರ್ (ಫೈನಾನ್ಸ್) ಸುಧೀರ್ ಲಕ್ಷ್ಮಣ ಅವರು ದೇಣಿಗೆಯನ್ನು ವಿವಿ ಕುಲಪತಿ ಪ್ರೊ.ಎಂ.ವೆಂಕಟೇಶ್ವರಲು ಹಾಗೂ ಪಾವಗಡ ರಾಮಕೃಷ್ಣ ಸೇವಾಶ್ರಮದ ಸ್ವಾಮಿ ಜಪಾನಂದಜೀಯವರಿಗೆ ದೇಣಿಗೆ ಮೊತ್ತವನ್ನು ಮಂಗಳವಾರ ಹಸ್ತಾಂತರಿಸಿದರು. 'ಶ್ರೀ ಅನ್ನಪೂರ್ಣೇಶ್ವರಿ ಆಹಾರ ವಿತರಣ ಸಮಿತಿಯ ನೇತೃತ್ವದಲ್ಲಿ
ವಿಶ್ವವಿದ್ಯಾನಿಲಯದಲ್ಲಿ ಪ್ರತಿದಿನ ಎರಡು ಸಾವಿರದಷ್ಟು ವಿದ್ಯಾರ್ಥಿಗಳು ಊಟ ಮಾಡುತ್ತಿದ್ದಾರೆ. ಅದಾದರೆ ಕೆಲವರು ವರ್ಷದಲ್ಲಿ ಒಟ್ಟಿ ಲಕ್ಷದಷ್ಟು ಮಂದಿಗೆ ವಿಶೇಷ ರಿಯಾಯಿತಿಯಲ್ಲಿ ಊಟ ನೀಡಲಾಗುತ್ತಿದೆ. ಈಗ ಮೂರನೇ
ವರ್ಷದ ಯೋಜನೆ ನಡೆಯುತ್ತಿದೆ. ಕರ್ನ್-ಲೀಬರ್ಸ್ ನಡೆಯು ಇತರ ಸಂಸ್ಥೆಗಳಿಗೆ ಮಾದರಿಯಾಗಿದೆ' ಎಂದು ಸ್ವಾಮಿ ಜಪಾನಂದಜೀ ಅಭಿಪ್ರಾಯಪಟ್ಟರು. ಹಿರಿಯ ಪ್ರಾಧ್ಯಾಪಕ ಪ್ರೊ.ಪಿ.ಪರಶುರಾಮ ಈ ಸಂದರ್ಭ ಉಪಸ್ಥಿತರಿದ್ದರು.
ಖರೀದಿ ಬಳಿಕ ರಸೀದಿ ಪಡೆಯಲು ಸಲಹೆ
ಹುಲಿಯಾರು: ಹುಲಿಯಾರು-ಕೆಂಕೆರೆ ಬಿಎಂಎಸ್ ಸರ್ಕಾರಿ ಪ್ರಥಮ ದರ್ಜೆ ಕಾಲೇಜಿನಲ್ಲಿ ವಿಶ್ವ ಗ್ರಾಹಕರ ದಿನಾಚರಣೆ ಕಾರ್ಯಕ್ರಮವನ್ನು ಹಮ್ಮಿಕೊಳ್ಳಲಾಗಿತ್ತು. ಕಾಲೇಜಿನ ಪ್ರಾಚಾರ್ಯ ಪ್ರೊ.ಶಿರಾಜು ಎಸ್.ಸಿ ಅವರು ಮಾತನಾಡಿ ಗ್ರಾಹಕರು ಯಾವುದೇ ವಸ್ತುವನ್ನು ಹಣ ಕೊಟ್ಟು ಖರೀದಿಸಿದಾಗ ಮಾರಾಟಗಾರರಿಂದ ತಪ್ಪದೆ ರಸೀದಿಯನ್ನು ಕಡ್ಡಾಯವಾಗಿ ಪಡೆಯಬೇಕು. ಒಂದು ವೇಳೆ ಮಾರಾಟಗಾರರು ಗುಣಮಟ್ಟವಿಲ್ಲದ ವಸ್ತುಗಳನ್ನು ಕೊಟ್ಟಿದ್ದರೆ, ಆ ಕುರಿತು ಜಿಲ್ಲಾ ಗ್ರಾಹಕರ ಆಯೋಗದಲ್ಲಿ ದೂರು ದಾಖಲಿಸಿ ಪರಿಹಾರ ಪಡೆದುಕೊಳ್ಳಬಹುದು ಎಂದು ತಿಳಿಸಿದರು. ಗ್ರಾಹಕರ ಯಾವುದೇ ವಸ್ತು, ಉತ್ಪನ್ನಗಳ ಖರೀದಿ ಮತ್ತು ಸೇವೆ ಪಡೆದಾಗ ಅದರ ಗುಣಮಟ್ಟ,ಸೇರಿರುವ ಪದಾರ್ಥಗಳು, ತೂಕ,ಬೆಲೆ, ಬಳಸಿ ಮುಗಿಯುವ ದಿನಾಂಕವನ್ನು ಬಗ್ಗೆ ಗಮನಿಸಬೇಕು. ಗ್ರಾಹಕರು ಈ ಎಲ್ಲಾ ಹಕ್ಕುಗಳ
ಮಧುಗಿರಿ ವಾಸಿಗಳು ವೇಣುಗೋಪಾಲ್ ರವರ ತಾಯಿಯವರು ಲಕ್ಷ್ಮಿ ಕಾಂತಮ್ಮ (ವಯಸ್ಸು 79) ರವರು ಹೃದಯಾಘಾತದಿಂದ ಬೆಂಗಳೂರಿನ ಜಯದೇವ ಆಸ್ಪತ್ರೆಯಲ್ಲಿ ನಿಧನರಾಗಿದ್ದಾರೆ. ಕುಟುಂಬದ ಸದಸ್ಯರು ಮಧುಗಿರಿಯಲ್ಲಿ ಮೃತರ ನೇತ್ರದಾನ ಮಾಡಿದ್ದಾರೆ. ಮಧುಗಿರಿಯ ಶ್ರೀ ವರದಾಯಿನಿ ನೇತ್ರ ಸಂಗ್ರಹಣಾ ಕೇಂದ್ರದ ಗಾಯತ್ರಿ ನಾರಾಯಣ್ ರವರು ಮೃತರ ನೇತ್ರ ಗಳನ್ನು ಸಂಗ್ರಹಿಸಿ ಬೆಂಗಳೂರು ಡಾಕ್ಟರ್ ರಾಜಕುಮಾರ್ ನೇತ್ರದಾನ ಕೇಂದ್ರಕ್ಕೆ ಕಳುಹಿಸಿದ್ದಾರೆ. ಮೃತರು 2 ಪುತ್ರರು, 1ಪುತ್ರಿ, 6 ಜನ ಮೊಮ್ಮಕ್ಕಳನ್ನು ಅಪಾರ ಬಂಧುಗಳನ್ನು ಅಗಲಿದ್ದಾರೆ. ಭಗವಂತ ಮೃತರಿಗೆ ಸದ್ಗತಿ ನೀಡಲೆಂದು ಬೇಡುತ್ತೇವೆ.
